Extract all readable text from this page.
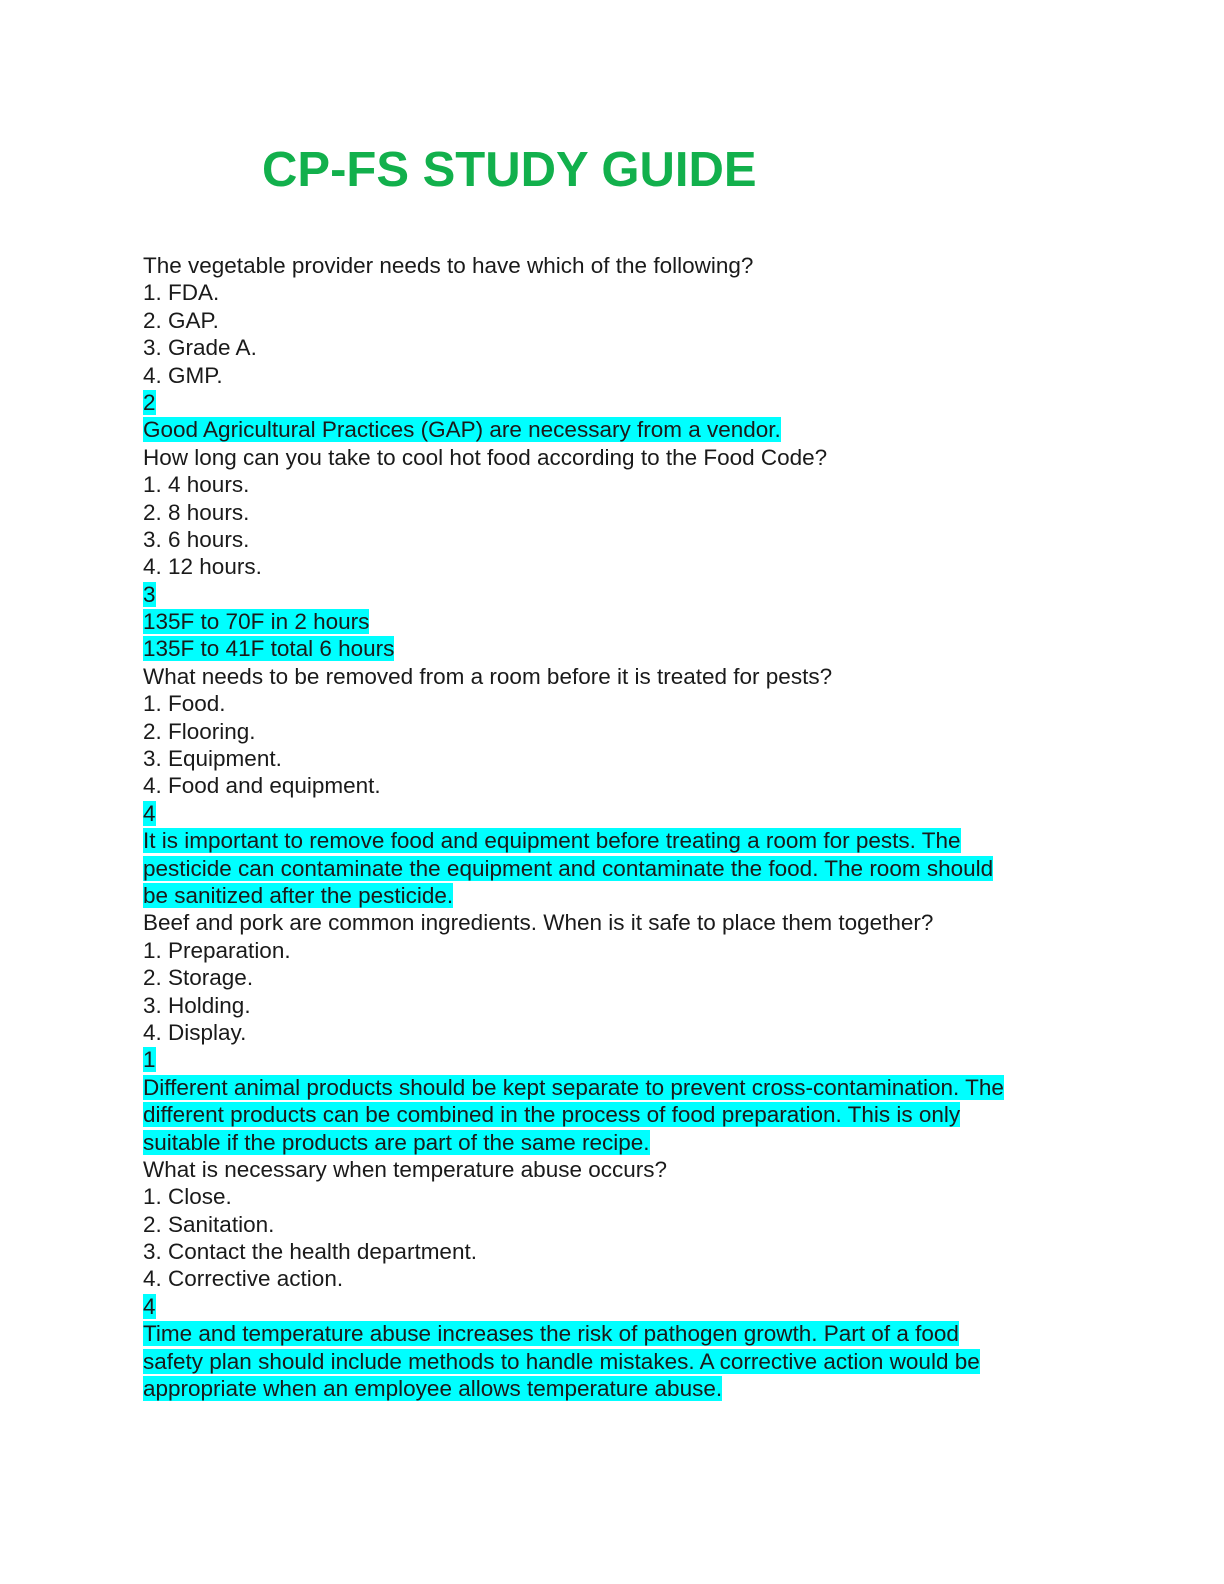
CP-FS STUDY GUIDE
The vegetable provider needs to have which of the following?
1. FDA.
2. GAP.
3. Grade A.
4. GMP.
2
Good Agricultural Practices (GAP) are necessary from a vendor.
How long can you take to cool hot food according to the Food Code?
1. 4 hours.
2. 8 hours.
3. 6 hours.
4. 12 hours.
3
135F to 70F in 2 hours
135F to 41F total 6 hours
What needs to be removed from a room before it is treated for pests?
1. Food.
2. Flooring.
3. Equipment.
4. Food and equipment.
4
It is important to remove food and equipment before treating a room for pests. The
pesticide can contaminate the equipment and contaminate the food. The room should
be sanitized after the pesticide.
Beef and pork are common ingredients. When is it safe to place them together?
1. Preparation.
2. Storage.
3. Holding.
4. Display.
1
Different animal products should be kept separate to prevent cross-contamination. The
different products can be combined in the process of food preparation. This is only
suitable if the products are part of the same recipe.
What is necessary when temperature abuse occurs?
1. Close.
2. Sanitation.
3. Contact the health department.
4. Corrective action.
4
Time and temperature abuse increases the risk of pathogen growth. Part of a food
safety plan should include methods to handle mistakes. A corrective action would be
appropriate when an employee allows temperature abuse.
